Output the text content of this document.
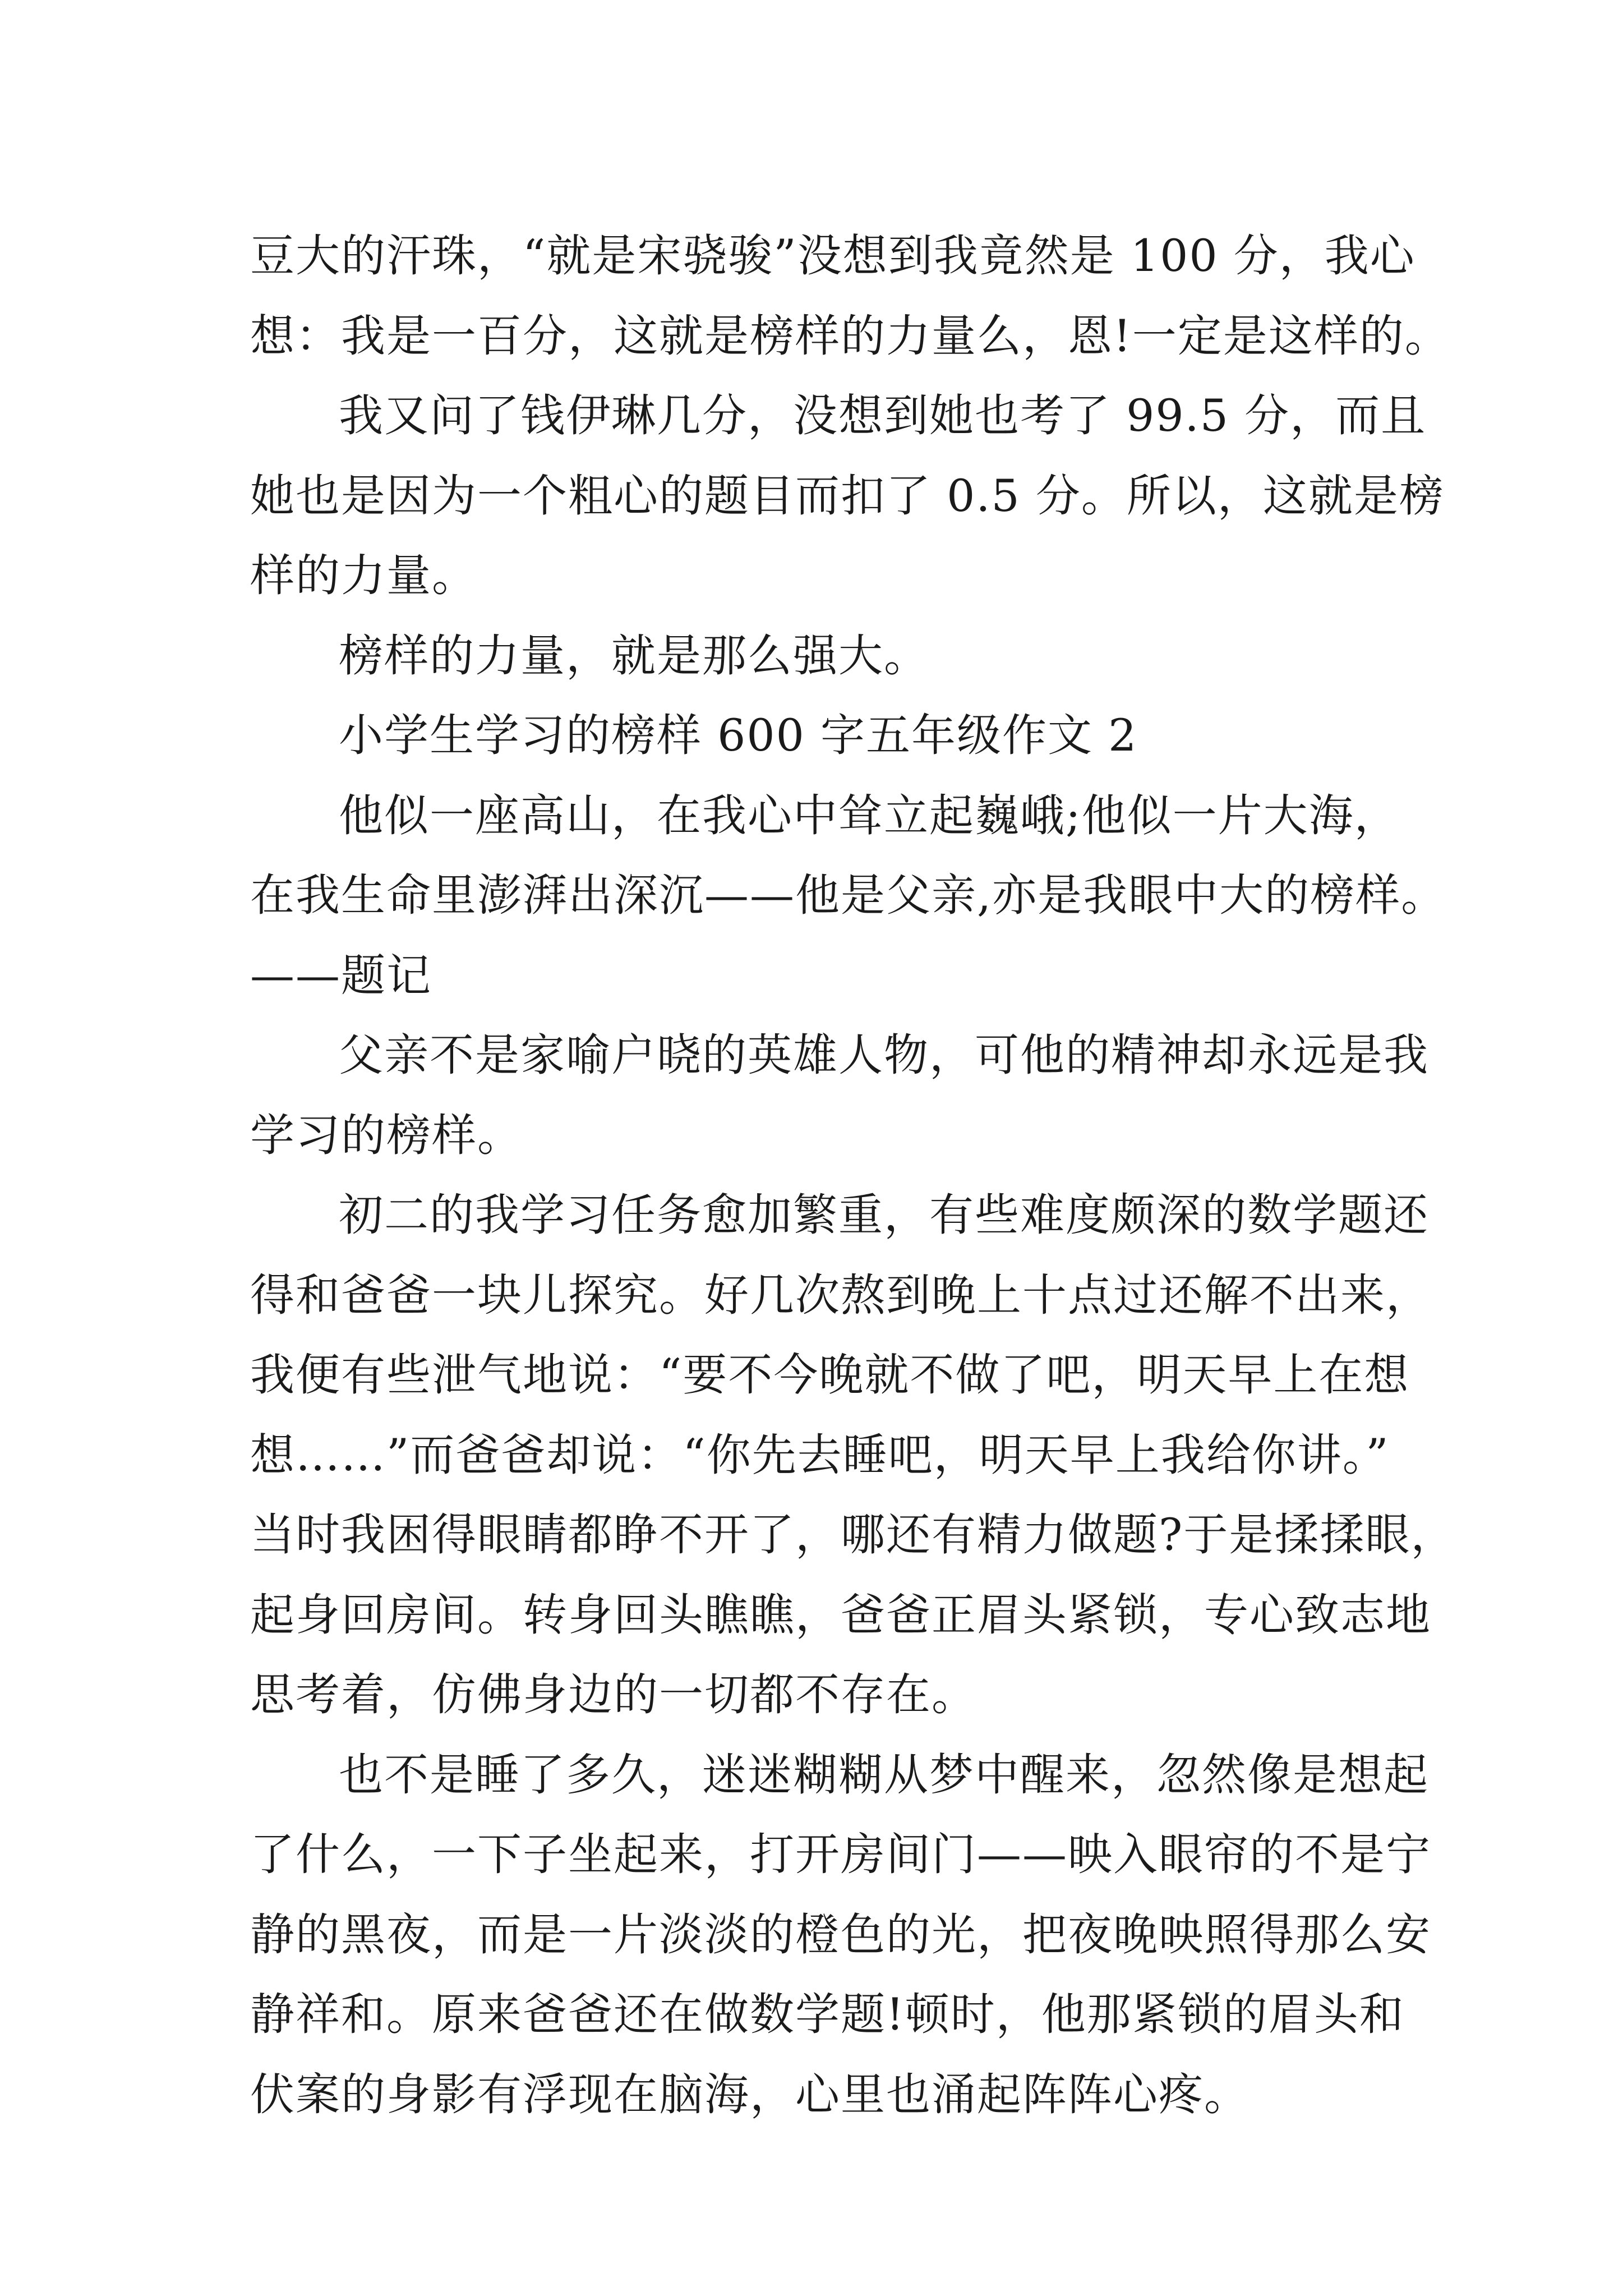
豆大的汗珠，“就是宋骁骏”没想到我竟然是 100 分，我心
想：我是一百分，这就是榜样的力量么，恩!一定是这样的。
我又问了钱伊琳几分，没想到她也考了 99.5 分，而且
她也是因为一个粗心的题目而扣了 0.5 分。所以，这就是榜
样的力量。
榜样的力量，就是那么强大。
小学生学习的榜样 600 字五年级作文 2
他似一座高山，在我心中耸立起巍峨;他似一片大海，
在我生命里澎湃出深沉——他是父亲,亦是我眼中大的榜样。
——题记
父亲不是家喻户晓的英雄人物，可他的精神却永远是我
学习的榜样。
初二的我学习任务愈加繁重，有些难度颇深的数学题还
得和爸爸一块儿探究。好几次熬到晚上十点过还解不出来，
我便有些泄气地说：“要不今晚就不做了吧，明天早上在想
想……”而爸爸却说：“你先去睡吧，明天早上我给你讲。”
当时我困得眼睛都睁不开了，哪还有精力做题?于是揉揉眼，
起身回房间。转身回头瞧瞧，爸爸正眉头紧锁，专心致志地
思考着，仿佛身边的一切都不存在。
也不是睡了多久，迷迷糊糊从梦中醒来，忽然像是想起
了什么，一下子坐起来，打开房间门——映入眼帘的不是宁
静的黑夜，而是一片淡淡的橙色的光，把夜晚映照得那么安
静祥和。原来爸爸还在做数学题!顿时，他那紧锁的眉头和
伏案的身影有浮现在脑海，心里也涌起阵阵心疼。
